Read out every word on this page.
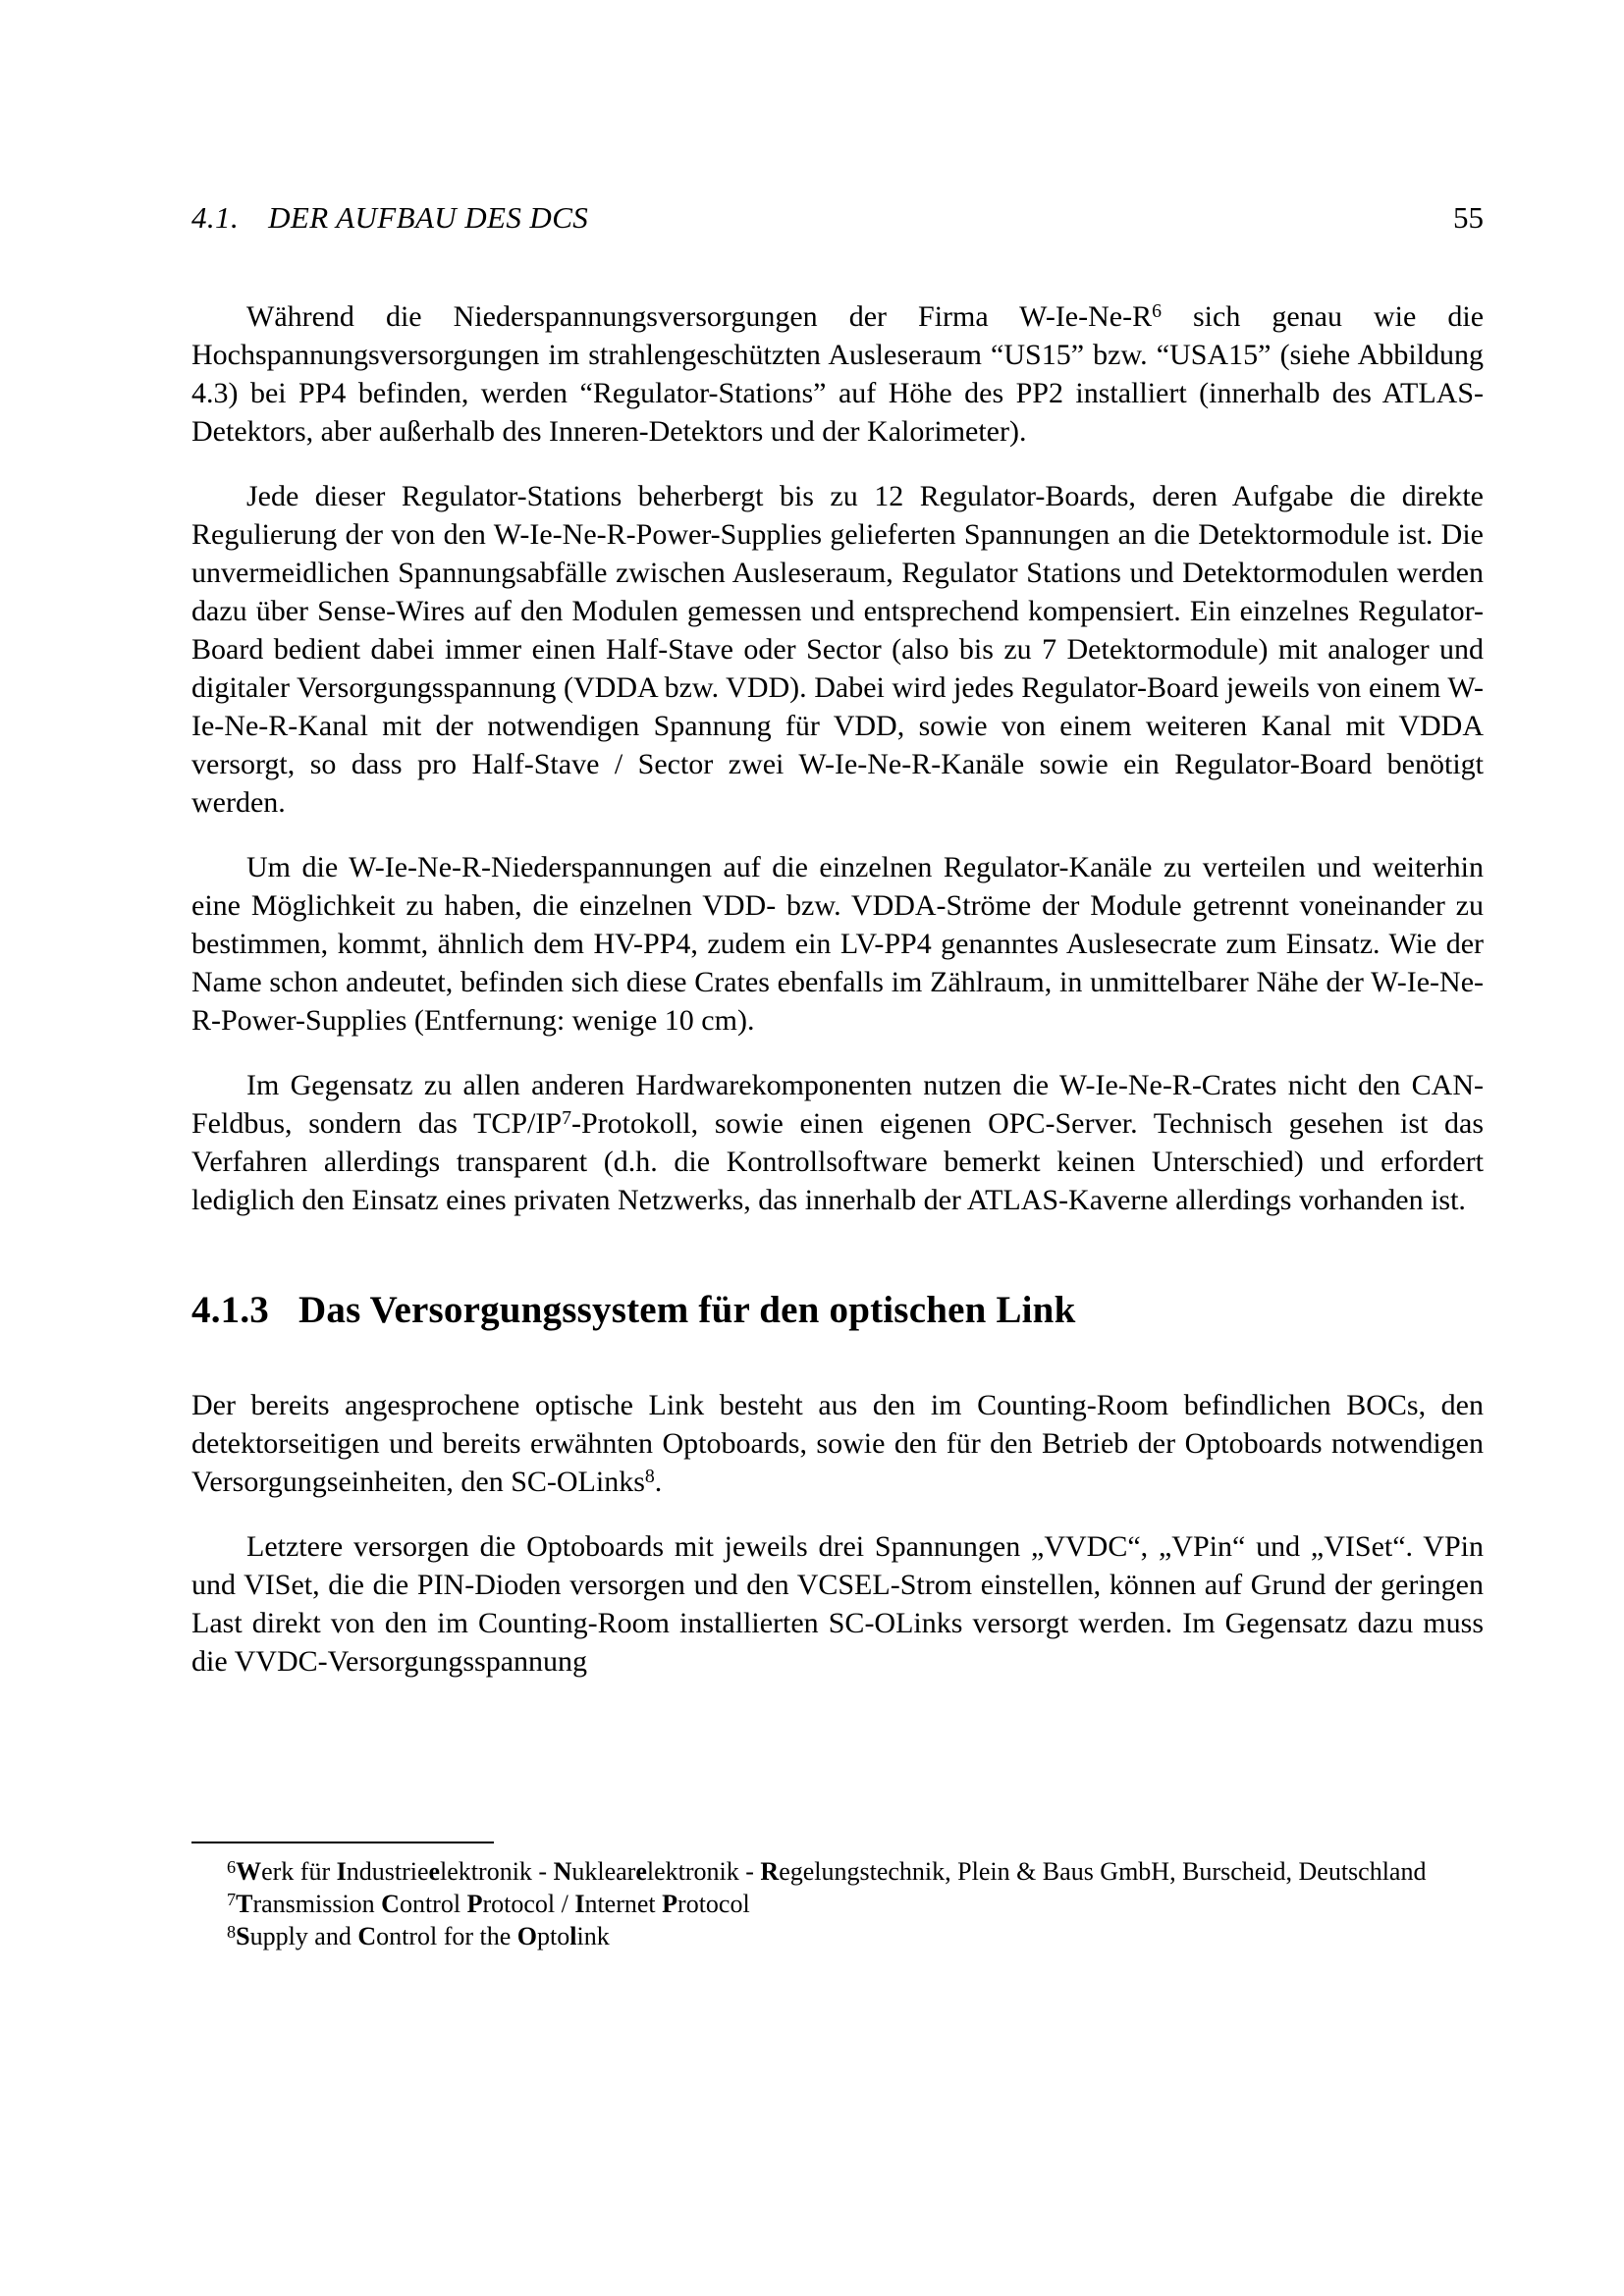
4.1. DER AUFBAU DES DCS	55

Während die Niederspannungsversorgungen der Firma W-Ie-Ne-R$^6$ sich genau wie die Hochspannungsversorgungen im strahlengeschützten Ausleseraum “US15” bzw. “USA15” (siehe Abbildung 4.3) bei PP4 befinden, werden “Regulator-Stations” auf Höhe des PP2 installiert (innerhalb des ATLAS-Detektors, aber außerhalb des Inneren-Detektors und der Kalorimeter).

Jede dieser Regulator-Stations beherbergt bis zu 12 Regulator-Boards, deren Aufgabe die direkte Regulierung der von den W-Ie-Ne-R-Power-Supplies gelieferten Spannungen an die Detektormodule ist. Die unvermeidlichen Spannungsabfälle zwischen Ausleseraum, Regulator Stations und Detektormodulen werden dazu über Sense-Wires auf den Modulen gemessen und entsprechend kompensiert. Ein einzelnes Regulator-Board bedient dabei immer einen Half-Stave oder Sector (also bis zu 7 Detektormodule) mit analoger und digitaler Versorgungsspannung (VDDA bzw. VDD). Dabei wird jedes Regulator-Board jeweils von einem W-Ie-Ne-R-Kanal mit der notwendigen Spannung für VDD, sowie von einem weiteren Kanal mit VDDA versorgt, so dass pro Half-Stave / Sector zwei W-Ie-Ne-R-Kanäle sowie ein Regulator-Board benötigt werden.

Um die W-Ie-Ne-R-Niederspannungen auf die einzelnen Regulator-Kanäle zu verteilen und weiterhin eine Möglichkeit zu haben, die einzelnen VDD- bzw. VDDA-Ströme der Module getrennt voneinander zu bestimmen, kommt, ähnlich dem HV-PP4, zudem ein LV-PP4 genanntes Auslesecrate zum Einsatz. Wie der Name schon andeutet, befinden sich diese Crates ebenfalls im Zählraum, in unmittelbarer Nähe der W-Ie-Ne-R-Power-Supplies (Entfernung: wenige 10 cm).

Im Gegensatz zu allen anderen Hardwarekomponenten nutzen die W-Ie-Ne-R-Crates nicht den CAN-Feldbus, sondern das TCP/IP$^7$-Protokoll, sowie einen eigenen OPC-Server. Technisch gesehen ist das Verfahren allerdings transparent (d.h. die Kontrollsoftware bemerkt keinen Unterschied) und erfordert lediglich den Einsatz eines privaten Netzwerks, das innerhalb der ATLAS-Kaverne allerdings vorhanden ist.

4.1.3 Das Versorgungssystem für den optischen Link

Der bereits angesprochene optische Link besteht aus den im Counting-Room befindlichen BOCs, den detektorseitigen und bereits erwähnten Optoboards, sowie den für den Betrieb der Optoboards notwendigen Versorgungseinheiten, den SC-OLinks$^8$.

Letztere versorgen die Optoboards mit jeweils drei Spannungen „VVDC“, „VPin“ und „VISet“. VPin und VISet, die die PIN-Dioden versorgen und den VCSEL-Strom einstellen, können auf Grund der geringen Last direkt von den im Counting-Room installierten SC-OLinks versorgt werden. Im Gegensatz dazu muss die VVDC-Versorgungsspannung

$^6$Werk für Industrieelektronik - Nuklearelektronik - Regelungstechnik, Plein & Baus GmbH, Burscheid, Deutschland
$^7$Transmission Control Protocol / Internet Protocol
$^8$Supply and Control for the Optolink
